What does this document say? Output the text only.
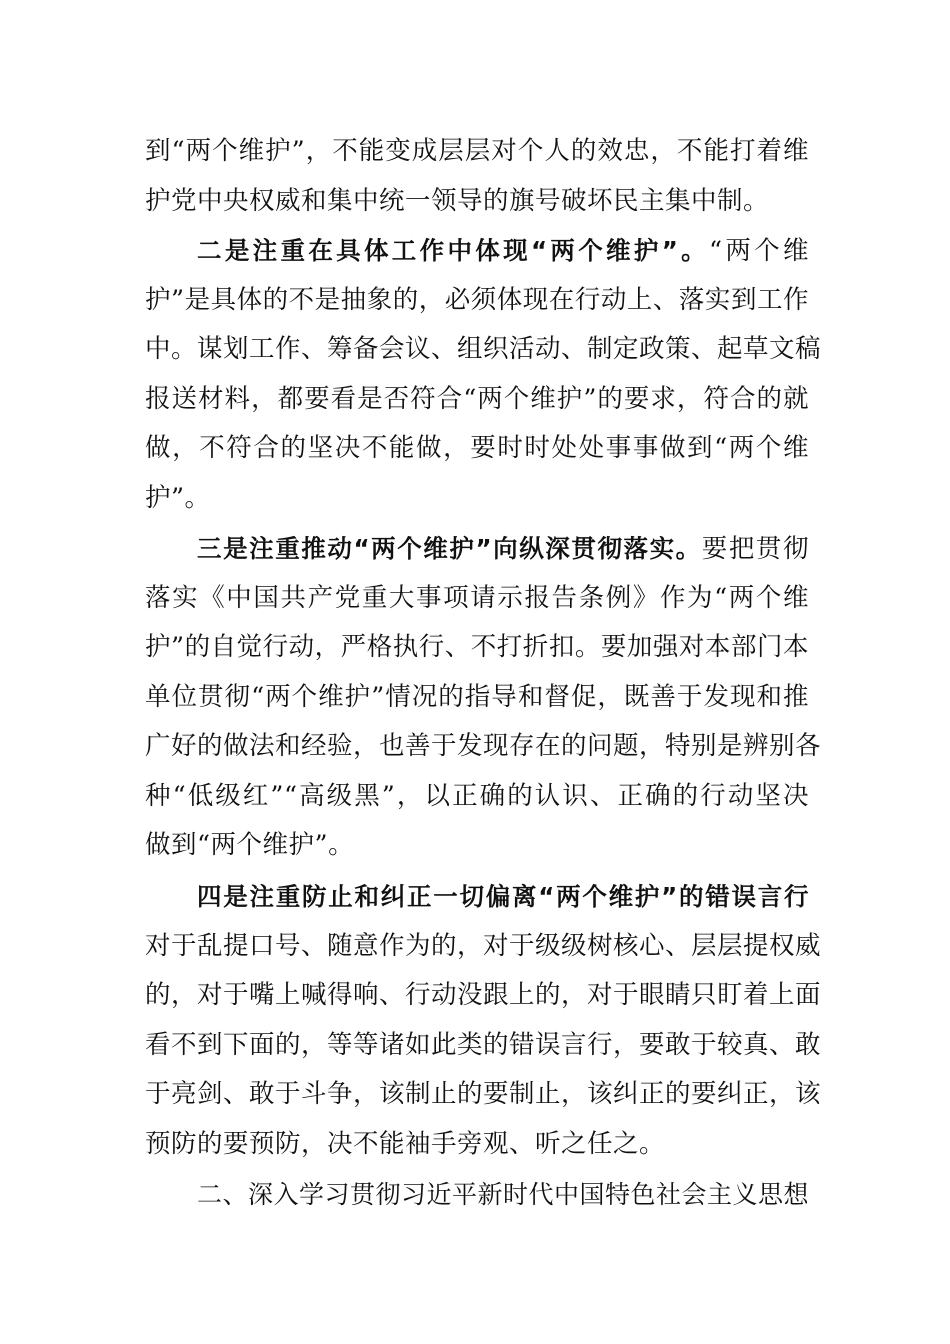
到“两个维护”，不能变成层层对个人的效忠，不能打着维
护党中央权威和集中统一领导的旗号破坏民主集中制。
二是注重在具体工作中体现“两个维护”。“两个维
护”是具体的不是抽象的，必须体现在行动上、落实到工作
中。谋划工作、筹备会议、组织活动、制定政策、起草文稿
报送材料，都要看是否符合“两个维护”的要求，符合的就
做，不符合的坚决不能做，要时时处处事事做到“两个维
护”。
三是注重推动“两个维护”向纵深贯彻落实。要把贯彻
落实《中国共产党重大事项请示报告条例》作为“两个维
护”的自觉行动，严格执行、不打折扣。要加强对本部门本
单位贯彻“两个维护”情况的指导和督促，既善于发现和推
广好的做法和经验，也善于发现存在的问题，特别是辨别各
种“低级红”“高级黑”，以正确的认识、正确的行动坚决
做到“两个维护”。
四是注重防止和纠正一切偏离“两个维护”的错误言行
对于乱提口号、随意作为的，对于级级树核心、层层提权威
的，对于嘴上喊得响、行动没跟上的，对于眼睛只盯着上面
看不到下面的，等等诸如此类的错误言行，要敢于较真、敢
于亮剑、敢于斗争，该制止的要制止，该纠正的要纠正，该
预防的要预防，决不能袖手旁观、听之任之。
二、深入学习贯彻习近平新时代中国特色社会主义思想
